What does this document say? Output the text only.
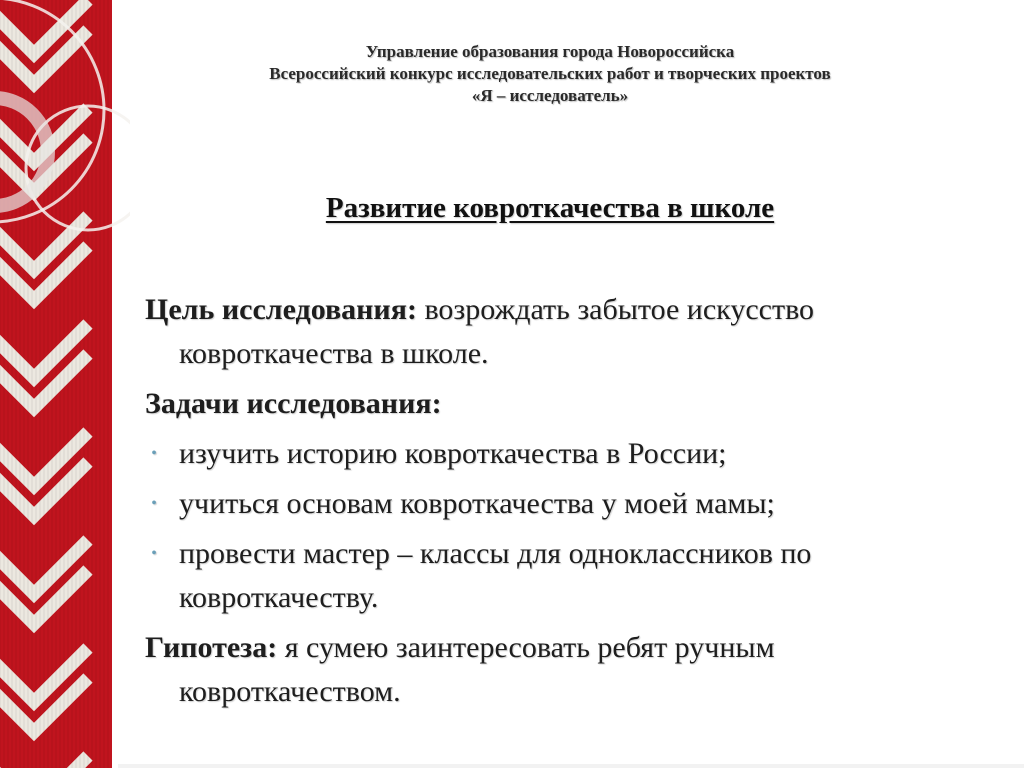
Управление образования города Новороссийска
Всероссийский конкурс исследовательских работ и творческих проектов
«Я – исследователь»
Развитие ковроткачества в школе

Цель исследования: возрождать забытое искусство ковроткачества в школе.

Задачи исследования:

• изучить историю ковроткачества в России;
• учиться основам ковроткачества у моей мамы;
• провести мастер – классы для одноклассников по ковроткачеству.

Гипотеза: я сумею заинтересовать ребят ручным ковроткачеством.
